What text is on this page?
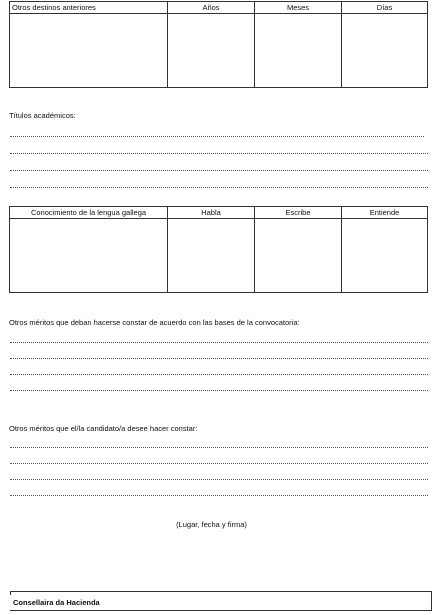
Otros destinos anteriores	Años	Meses	Días

Títulos académicos:
Conocimiento de la lengua gallega	Habla	Escribe	Entiende

Otros méritos que deban hacerse constar de acuerdo con las bases de la convocatoria:
Otros méritos que el/la candidato/a desee hacer constar:
(Lugar, fecha y firma)
Consellaira da Hacienda
